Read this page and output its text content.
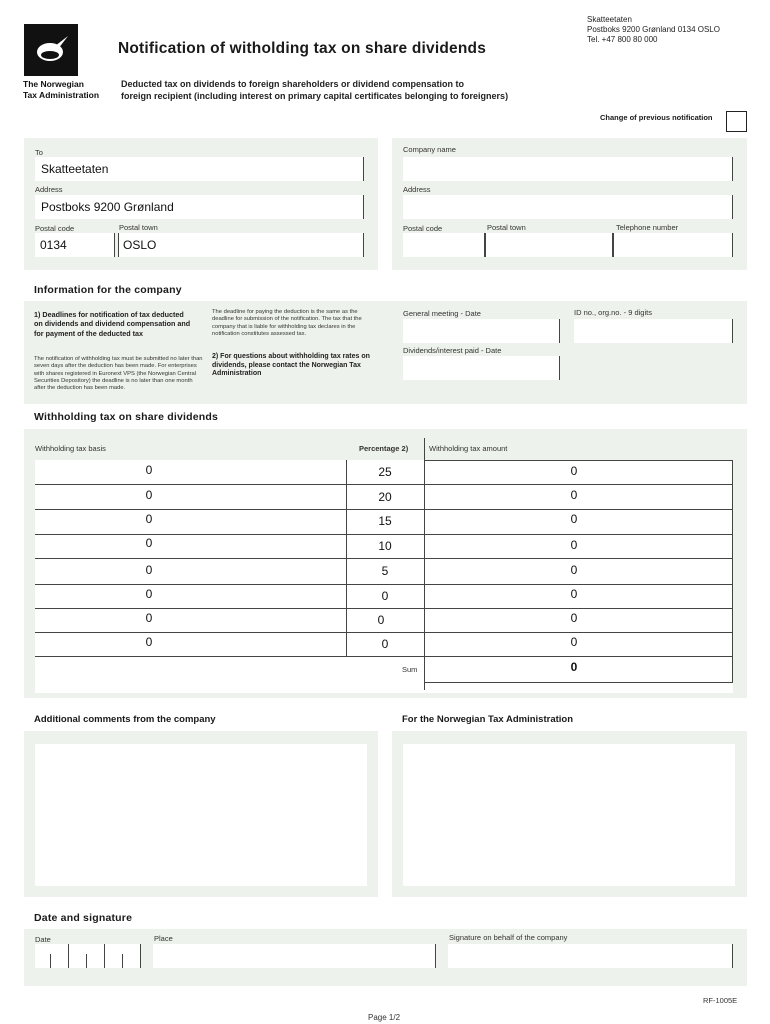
Skatteetaten
Postboks 9200 Grønland 0134 OSLO
Tel. +47 800 80 000
The Norwegian
Tax Administration
Notification of witholding tax on share dividends
Deducted tax on dividends to foreign shareholders or dividend compensation to
foreign recipient (including interest on primary capital certificates belonging to foreigners)
Change of previous notification
To
Skatteetaten
Address
Postboks 9200 Grønland
Postal code	Postal town
0134	OSLO
Company name
Address
Postal code	Postal town	Telephone number
Information for the company
1) Deadlines for notification of tax deducted on dividends and dividend compensation and for payment of the deducted tax
The notification of withholding tax must be submitted no later than seven days after the deduction has been made. For enterprises with shares registered in Euronext VPS (the Norwegian Central Securities Depository) the deadline is no later than one month after the deduction has been made.
The deadline for paying the deduction is the same as the deadline for submission of the notification. The tax that the company that is liable for withholding tax declares in the notification constitutes assessed tax.
2) For questions about withholding tax rates on dividends, please contact the Norwegian Tax Administration
General meeting - Date	ID no., org.no. - 9 digits
Dividends/interest paid - Date
Withholding tax on share dividends
Withholding tax basis	Percentage 2)	Withholding tax amount
0	25	0
0	20	0
0	15	0
0	10	0
0	5	0
0	0	0
0	0	0
0	0	0
Sum	0
Additional comments from the company	For the Norwegian Tax Administration
Date and signature
Date	Place	Signature on behalf of the company
RF-1005E
Page 1/2
